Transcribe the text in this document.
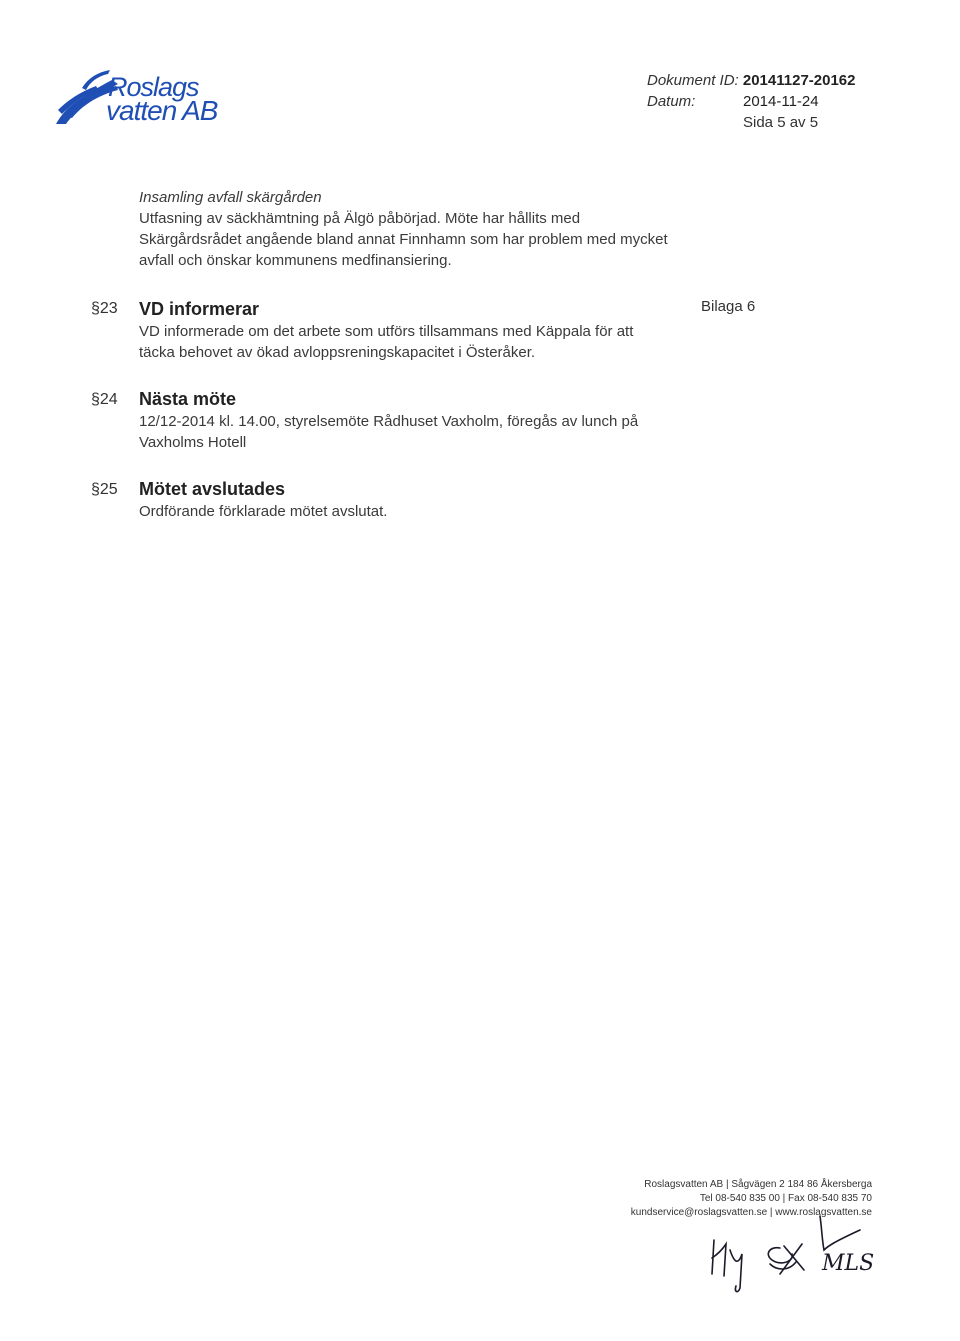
Roslags
vatten AB
Dokument ID: 20141127-20162
Datum:	2014-11-24
Sida 5 av 5
Insamling avfall skärgården
Utfasning av säckhämtning på Älgö påbörjad. Möte har hållits med
Skärgårdsrådet angående bland annat Finnhamn som har problem med mycket
avfall och önskar kommunens medfinansiering.
§23 VD informerar	Bilaga 6
VD informerade om det arbete som utförs tillsammans med Käppala för att
täcka behovet av ökad avloppsreningskapacitet i Österåker.
§24 Nästa möte
12/12-2014 kl. 14.00, styrelsemöte Rådhuset Vaxholm, föregås av lunch på
Vaxholms Hotell
§25 Mötet avslutades
Ordförande förklarade mötet avslutat.
Roslagsvatten AB | Sågvägen 2 184 86 Åkersberga
Tel 08-540 835 00 | Fax 08-540 835 70
kundservice@roslagsvatten.se | www.roslagsvatten.se
MLS
